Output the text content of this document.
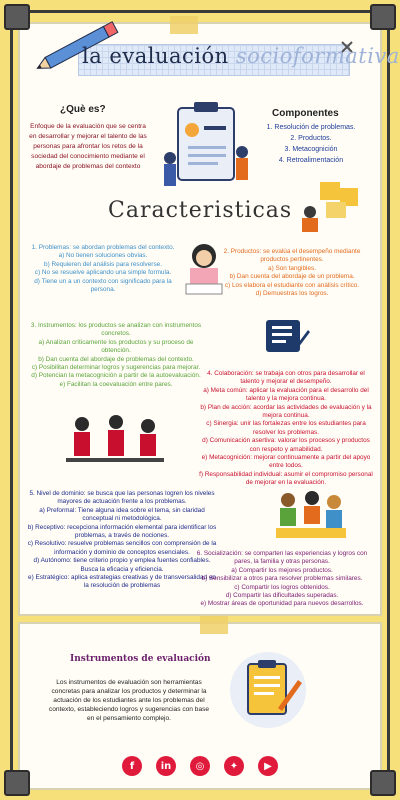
la evaluación socioformativa
¿Què es?
Enfoque de la evaluación que se centra en desarrollar y mejorar el talento de las personas para afrontar los retos de la sociedad del conocimiento mediante el abordaje de problemas del contexto
Componentes
1. Resolución de problemas.
2. Productos.
3. Metacognición
4. Retroalimentación
Caracteristicas
1. Problemas: se abordan problemas del contexto.
a) No tienen soluciones obvias.
b) Requieren del análisis para resolverse.
c) No se resuelve aplicando una simple formula.
d) Tiene un a un contexto con significado para la persona.
2. Productos: se evalúa el desempeño mediante productos pertinentes.
a) Son tangibles.
b) Dan cuenta del abordaje de un problema.
c) Los elabora el estudiante con análisis crítico.
d) Demuestras los logros.
3. Instrumentos: los productos se analizan con instrumentos concretos.
a) Analizan críticamente los productos y su proceso de obtención.
b) Dan cuenta del abordaje de problemas del contexto.
c) Posibilitan determinar logros y sugerencias para mejorar.
d) Potencian la metacognición a partir de la autoevaluación.
e) Facilitan la coevaluación entre pares.
4. Colaboración: se trabaja con otros para desarrollar el talento y mejorar el desempeño.
a) Meta común: aplicar la evaluación para el desarrollo del talento y la mejora continua.
b) Plan de acción: acordar las actividades de evaluación y la mejora continua.
c) Sinergia: unir las fortalezas entre los estudiantes para resolver los problemas.
d) Comunicación asertiva: valorar los procesos y productos con respeto y amabilidad.
e) Metacognición: mejorar continuamente a partir del apoyo entre todos.
f) Responsabilidad individual: asumir el compromiso personal de mejorar en la evaluación.
5. Nivel de dominio: se busca que las personas logren los niveles mayores de actuación frente a los problemas.
a) Preformal: Tiene alguna idea sobre el tema, sin claridad conceptual ni metodológica.
b) Receptivo: recepciona información elemental para identificar los problemas, a través de nociones.
c) Resolutivo: resuelve problemas sencillos con comprensión de la información y dominio de conceptos esenciales.
d) Autónomo: tiene criterio propio y emplea fuentes confiables. Busca la eficacia y eficiencia.
e) Estratégico: aplica estrategias creativas y de transversalidad en la resolución de problemas
6. Socialización: se comparten las experiencias y logros con pares, la familia y otras personas.
a) Compartir los mejores productos.
b) Sensibilizar a otros para resolver problemas similares.
c) Compartir los logros obtenidos.
d) Compartir las dificultades superadas.
e) Mostrar áreas de oportunidad para nuevos desarrollos.
Instrumentos de evaluación
Los instrumentos de evaluación son herramientas concretas para analizar los productos y determinar la actuación de los estudiantes ante los problemas del contexto, estableciendo logros y sugerencias con base en el pensamiento complejo.
f	in	◎	✦	▶
